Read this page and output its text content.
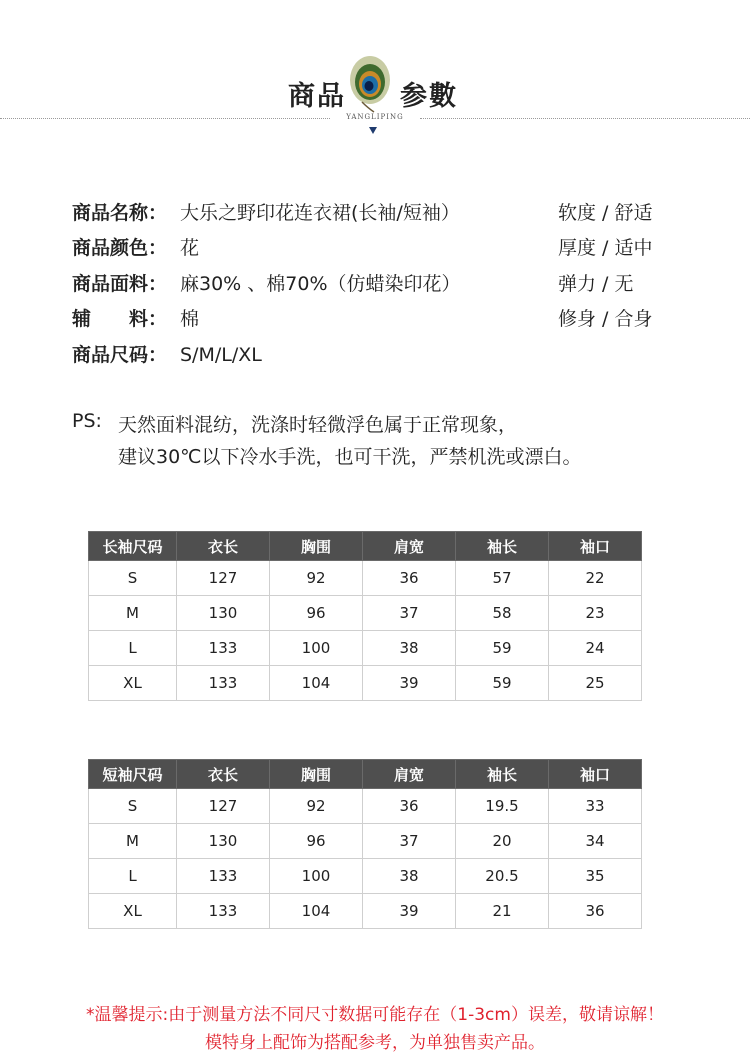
商品 参數
YANGLIPING
商品名称： 大乐之野印花连衣裙(长袖/短袖）
商品颜色： 花
商品面料： 麻30% 、棉70%（仿蜡染印花）
辅　　料： 棉
商品尺码： S/M/L/XL
软度 / 舒适
厚度 / 适中
弹力 / 无
修身 / 合身
PS: 天然面料混纺，洗涤时轻微浮色属于正常现象，
建议30℃以下冷水手洗，也可干洗，严禁机洗或漂白。
长袖尺码	衣长	胸围	肩宽	袖长	袖口
S	127	92	36	57	22
M	130	96	37	58	23
L	133	100	38	59	24
XL	133	104	39	59	25
短袖尺码	衣长	胸围	肩宽	袖长	袖口
S	127	92	36	19.5	33
M	130	96	37	20	34
L	133	100	38	20.5	35
XL	133	104	39	21	36
*温馨提示:由于测量方法不同尺寸数据可能存在（1-3cm）误差，敬请谅解！
模特身上配饰为搭配参考，为单独售卖产品。
